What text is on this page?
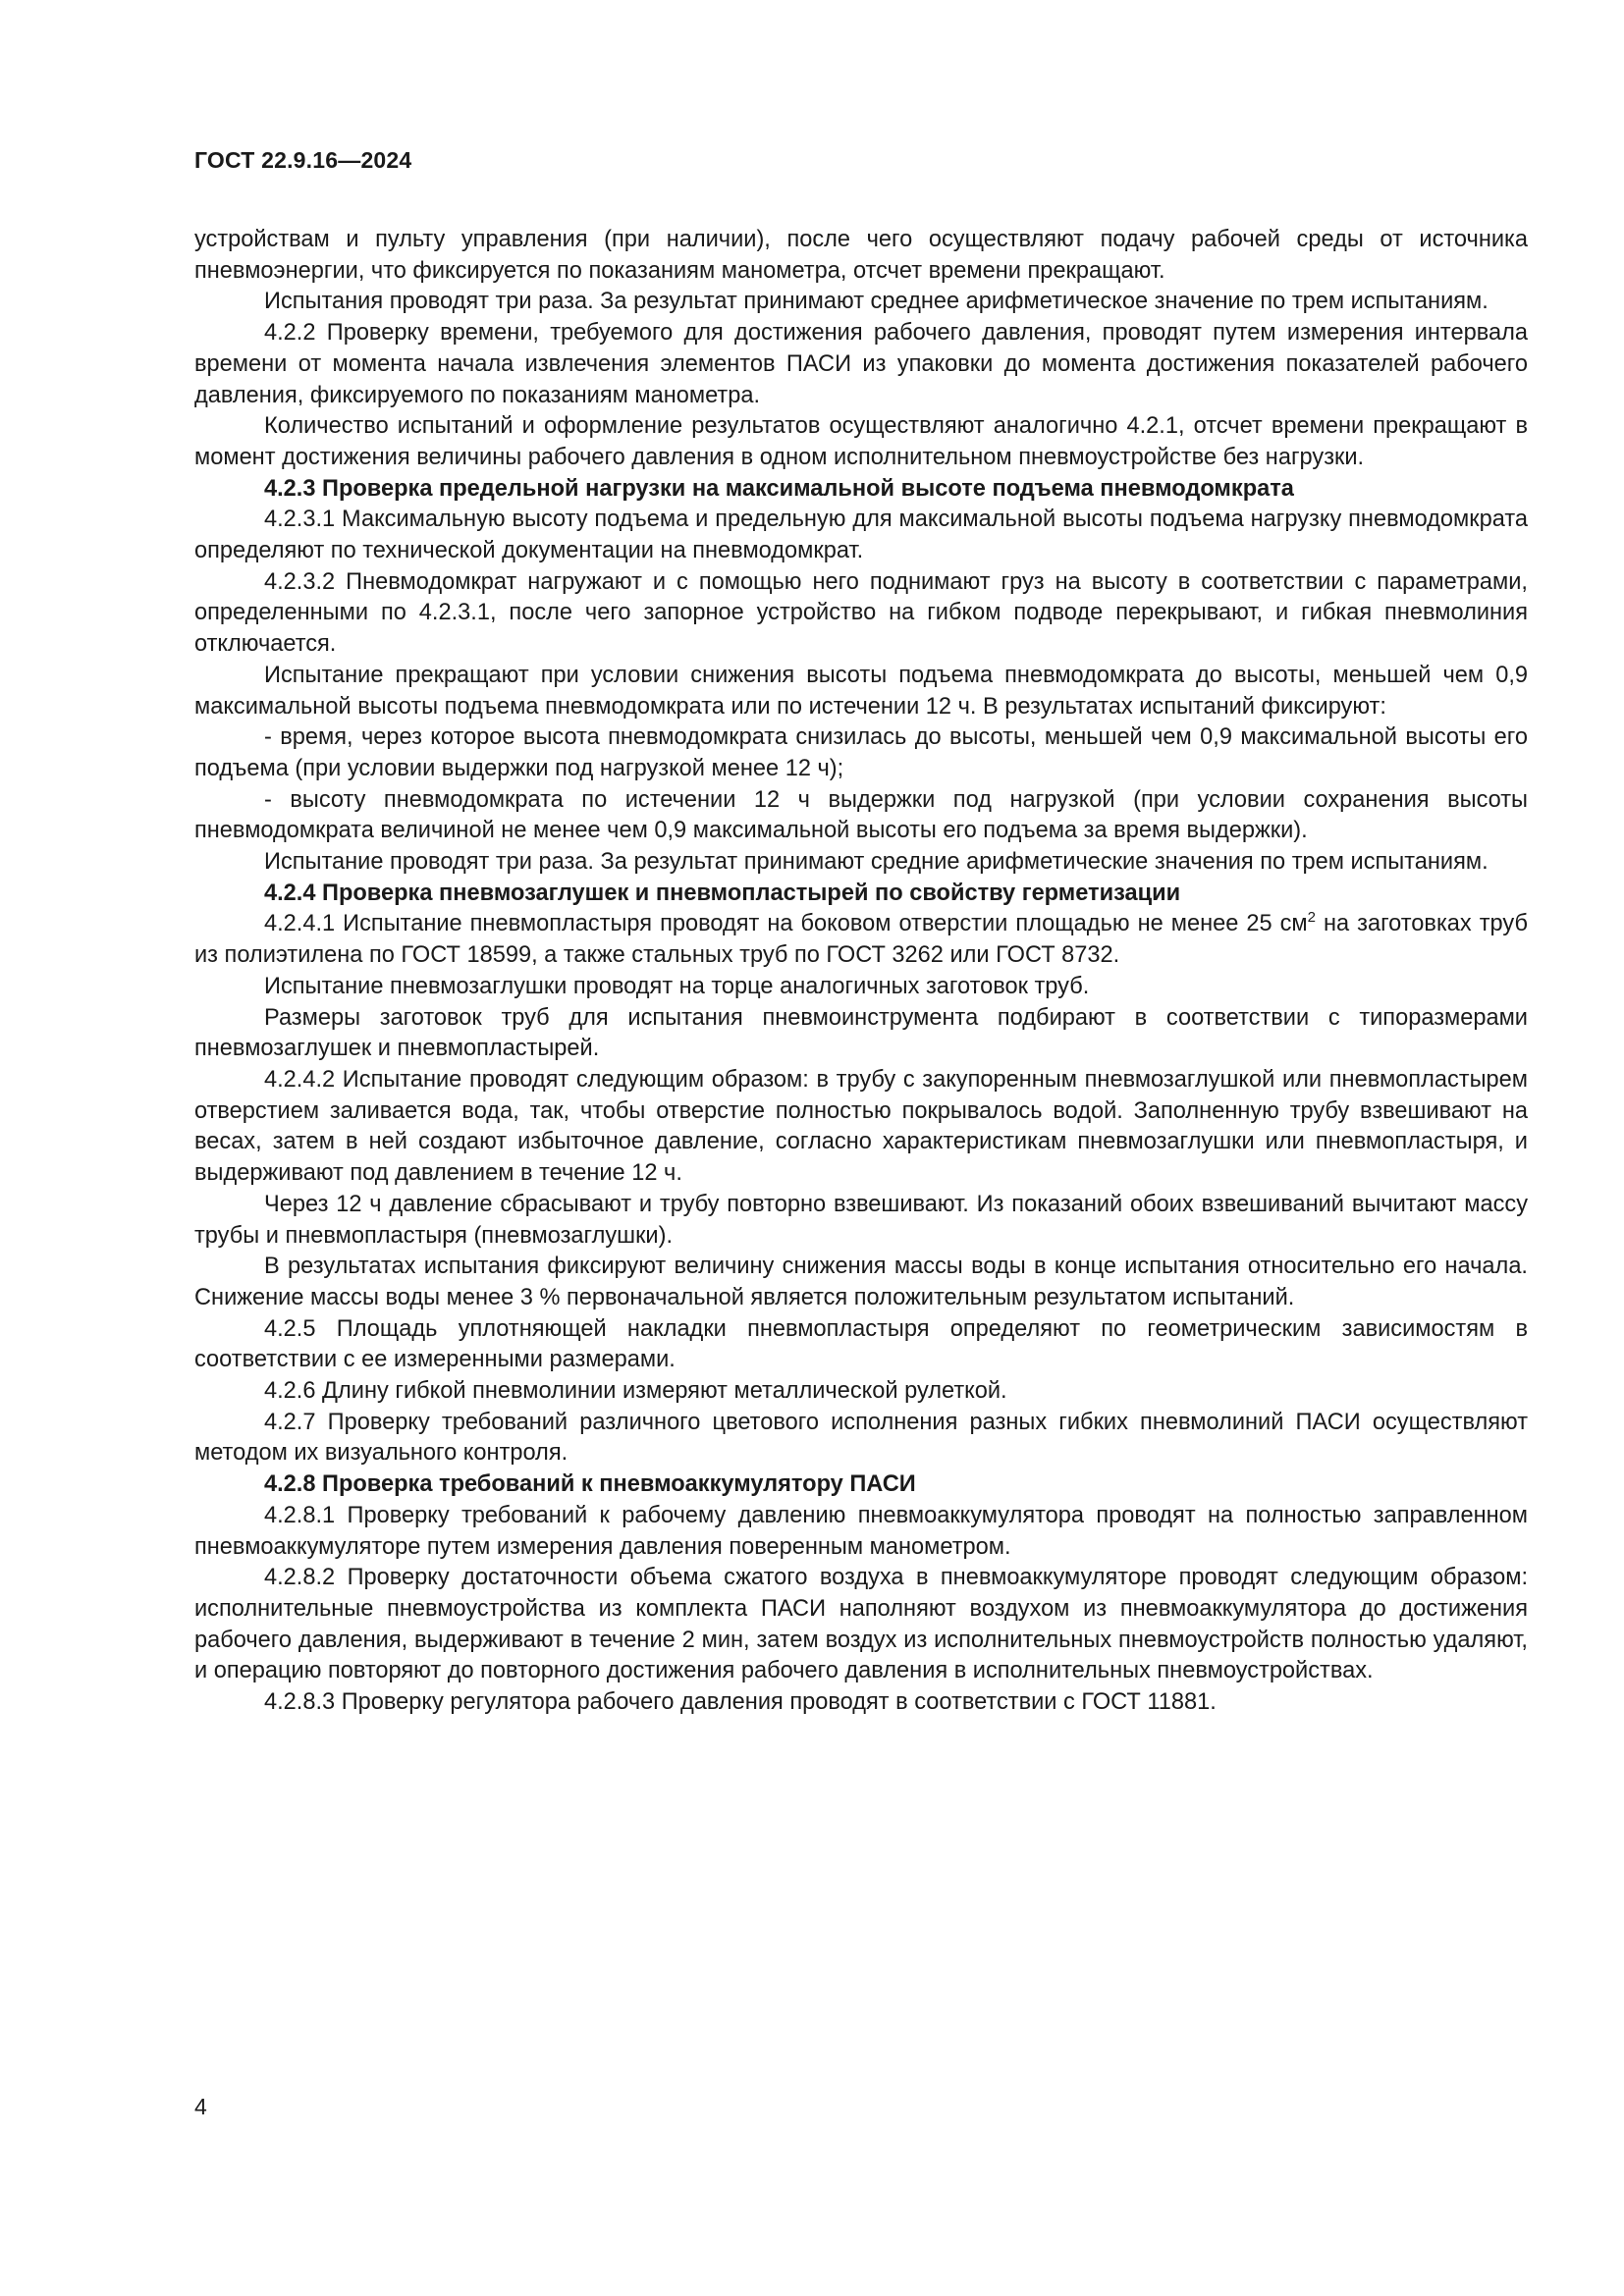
ГОСТ 22.9.16—2024

устройствам и пульту управления (при наличии), после чего осуществляют подачу рабочей среды от источника пневмоэнергии, что фиксируется по показаниям манометра, отсчет времени прекращают.

Испытания проводят три раза. За результат принимают среднее арифметическое значение по трем испытаниям.

4.2.2 Проверку времени, требуемого для достижения рабочего давления, проводят путем измерения интервала времени от момента начала извлечения элементов ПАСИ из упаковки до момента достижения показателей рабочего давления, фиксируемого по показаниям манометра.

Количество испытаний и оформление результатов осуществляют аналогично 4.2.1, отсчет времени прекращают в момент достижения величины рабочего давления в одном исполнительном пневмоустройстве без нагрузки.

4.2.3 Проверка предельной нагрузки на максимальной высоте подъема пневмодомкрата

4.2.3.1 Максимальную высоту подъема и предельную для максимальной высоты подъема нагрузку пневмодомкрата определяют по технической документации на пневмодомкрат.

4.2.3.2 Пневмодомкрат нагружают и с помощью него поднимают груз на высоту в соответствии с параметрами, определенными по 4.2.3.1, после чего запорное устройство на гибком подводе перекрывают, и гибкая пневмолиния отключается.

Испытание прекращают при условии снижения высоты подъема пневмодомкрата до высоты, меньшей чем 0,9 максимальной высоты подъема пневмодомкрата или по истечении 12 ч. В результатах испытаний фиксируют:

- время, через которое высота пневмодомкрата снизилась до высоты, меньшей чем 0,9 максимальной высоты его подъема (при условии выдержки под нагрузкой менее 12 ч);

- высоту пневмодомкрата по истечении 12 ч выдержки под нагрузкой (при условии сохранения высоты пневмодомкрата величиной не менее чем 0,9 максимальной высоты его подъема за время выдержки).

Испытание проводят три раза. За результат принимают средние арифметические значения по трем испытаниям.

4.2.4 Проверка пневмозаглушек и пневмопластырей по свойству герметизации

4.2.4.1 Испытание пневмопластыря проводят на боковом отверстии площадью не менее 25 $см^2$ на заготовках труб из полиэтилена по ГОСТ 18599, а также стальных труб по ГОСТ 3262 или ГОСТ 8732.

Испытание пневмозаглушки проводят на торце аналогичных заготовок труб.

Размеры заготовок труб для испытания пневмоинструмента подбирают в соответствии с типоразмерами пневмозаглушек и пневмопластырей.

4.2.4.2 Испытание проводят следующим образом: в трубу с закупоренным пневмозаглушкой или пневмопластырем отверстием заливается вода, так, чтобы отверстие полностью покрывалось водой. Заполненную трубу взвешивают на весах, затем в ней создают избыточное давление, согласно характеристикам пневмозаглушки или пневмопластыря, и выдерживают под давлением в течение 12 ч.

Через 12 ч давление сбрасывают и трубу повторно взвешивают. Из показаний обоих взвешиваний вычитают массу трубы и пневмопластыря (пневмозаглушки).

В результатах испытания фиксируют величину снижения массы воды в конце испытания относительно его начала. Снижение массы воды менее 3 % первоначальной является положительным результатом испытаний.

4.2.5 Площадь уплотняющей накладки пневмопластыря определяют по геометрическим зависимостям в соответствии с ее измеренными размерами.

4.2.6 Длину гибкой пневмолинии измеряют металлической рулеткой.

4.2.7 Проверку требований различного цветового исполнения разных гибких пневмолиний ПАСИ осуществляют методом их визуального контроля.

4.2.8 Проверка требований к пневмоаккумулятору ПАСИ

4.2.8.1 Проверку требований к рабочему давлению пневмоаккумулятора проводят на полностью заправленном пневмоаккумуляторе путем измерения давления поверенным манометром.

4.2.8.2 Проверку достаточности объема сжатого воздуха в пневмоаккумуляторе проводят следующим образом: исполнительные пневмоустройства из комплекта ПАСИ наполняют воздухом из пневмоаккумулятора до достижения рабочего давления, выдерживают в течение 2 мин, затем воздух из исполнительных пневмоустройств полностью удаляют, и операцию повторяют до повторного достижения рабочего давления в исполнительных пневмоустройствах.

4.2.8.3 Проверку регулятора рабочего давления проводят в соответствии с ГОСТ 11881.

4
